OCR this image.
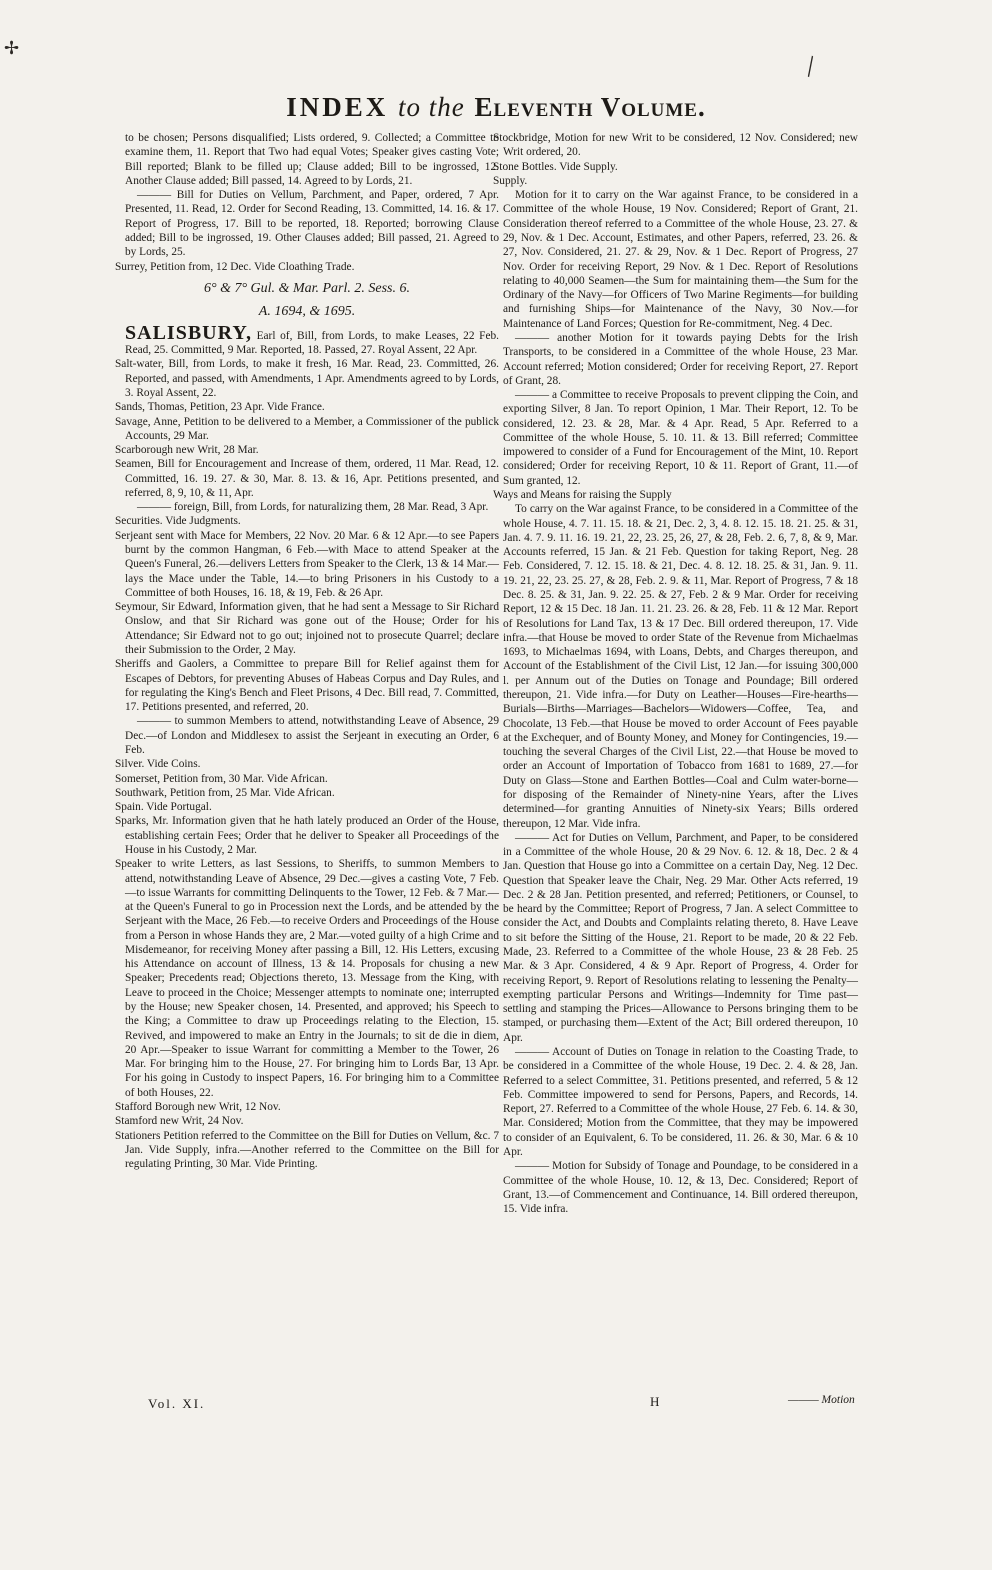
✢
\
INDEX to the Eleventh Volume.

to be chosen; Persons disqualified; Lists ordered, 9. Collected; a Committee to examine them, 11. Report that Two had equal Votes; Speaker gives casting Vote; Bill reported; Blank to be filled up; Clause added; Bill to be ingrossed, 12. Another Clause added; Bill passed, 14. Agreed to by Lords, 21.

——— Bill for Duties on Vellum, Parchment, and Paper, ordered, 7 Apr. Presented, 11. Read, 12. Order for Second Reading, 13. Committed, 14. 16. & 17. Report of Progress, 17. Bill to be reported, 18. Reported; borrowing Clause added; Bill to be ingrossed, 19. Other Clauses added; Bill passed, 21. Agreed to by Lords, 25.

Surrey, Petition from, 12 Dec. Vide Cloathing Trade.

6° & 7° Gul. & Mar. Parl. 2. Sess. 6.
A. 1694, & 1695.

SALISBURY, Earl of, Bill, from Lords, to make Leases, 22 Feb. Read, 25. Committed, 9 Mar. Reported, 18. Passed, 27. Royal Assent, 22 Apr.

Salt-water, Bill, from Lords, to make it fresh, 16 Mar. Read, 23. Committed, 26. Reported, and passed, with Amendments, 1 Apr. Amendments agreed to by Lords, 3. Royal Assent, 22.

Sands, Thomas, Petition, 23 Apr. Vide France.

Savage, Anne, Petition to be delivered to a Member, a Commissioner of the publick Accounts, 29 Mar.

Scarborough new Writ, 28 Mar.

Seamen, Bill for Encouragement and Increase of them, ordered, 11 Mar. Read, 12. Committed, 16. 19. 27. & 30, Mar. 8. 13. & 16, Apr. Petitions presented, and referred, 8, 9, 10, & 11, Apr.

——— foreign, Bill, from Lords, for naturalizing them, 28 Mar. Read, 3 Apr.

Securities. Vide Judgments.

Serjeant sent with Mace for Members, 22 Nov. 20 Mar. 6 & 12 Apr.—to see Papers burnt by the common Hangman, 6 Feb.—with Mace to attend Speaker at the Queen's Funeral, 26.—delivers Letters from Speaker to the Clerk, 13 & 14 Mar.—lays the Mace under the Table, 14.—to bring Prisoners in his Custody to a Committee of both Houses, 16. 18, & 19, Feb. & 26 Apr.

Seymour, Sir Edward, Information given, that he had sent a Message to Sir Richard Onslow, and that Sir Richard was gone out of the House; Order for his Attendance; Sir Edward not to go out; injoined not to prosecute Quarrel; declare their Submission to the Order, 2 May.

Sheriffs and Gaolers, a Committee to prepare Bill for Relief against them for Escapes of Debtors, for preventing Abuses of Habeas Corpus and Day Rules, and for regulating the King's Bench and Fleet Prisons, 4 Dec. Bill read, 7. Committed, 17. Petitions presented, and referred, 20.

——— to summon Members to attend, notwithstanding Leave of Absence, 29 Dec.—of London and Middlesex to assist the Serjeant in executing an Order, 6 Feb.

Silver. Vide Coins.

Somerset, Petition from, 30 Mar. Vide African.

Southwark, Petition from, 25 Mar. Vide African.

Spain. Vide Portugal.

Sparks, Mr. Information given that he hath lately produced an Order of the House, establishing certain Fees; Order that he deliver to Speaker all Proceedings of the House in his Custody, 2 Mar.

Speaker to write Letters, as last Sessions, to Sheriffs, to summon Members to attend, notwithstanding Leave of Absence, 29 Dec.—gives a casting Vote, 7 Feb.—to issue Warrants for committing Delinquents to the Tower, 12 Feb. & 7 Mar.—at the Queen's Funeral to go in Procession next the Lords, and be attended by the Serjeant with the Mace, 26 Feb.—to receive Orders and Proceedings of the House from a Person in whose Hands they are, 2 Mar.—voted guilty of a high Crime and Misdemeanor, for receiving Money after passing a Bill, 12. His Letters, excusing his Attendance on account of Illness, 13 & 14. Proposals for chusing a new Speaker; Precedents read; Objections thereto, 13. Message from the King, with Leave to proceed in the Choice; Messenger attempts to nominate one; interrupted by the House; new Speaker chosen, 14. Presented, and approved; his Speech to the King; a Committee to draw up Proceedings relating to the Election, 15. Revived, and impowered to make an Entry in the Journals; to sit de die in diem, 20 Apr.—Speaker to issue Warrant for committing a Member to the Tower, 26 Mar. For bringing him to the House, 27. For bringing him to Lords Bar, 13 Apr. For his going in Custody to inspect Papers, 16. For bringing him to a Committee of both Houses, 22.

Stafford Borough new Writ, 12 Nov.

Stamford new Writ, 24 Nov.

Stationers Petition referred to the Committee on the Bill for Duties on Vellum, &c. 7 Jan. Vide Supply, infra.—Another referred to the Committee on the Bill for regulating Printing, 30 Mar. Vide Printing.

Stockbridge, Motion for new Writ to be considered, 12 Nov. Considered; new Writ ordered, 20.

Stone Bottles. Vide Supply.

Supply.

Motion for it to carry on the War against France, to be considered in a Committee of the whole House, 19 Nov. Considered; Report of Grant, 21. Consideration thereof referred to a Committee of the whole House, 23. 27. & 29, Nov. & 1 Dec. Account, Estimates, and other Papers, referred, 23. 26. & 27, Nov. Considered, 21. 27. & 29, Nov. & 1 Dec. Report of Progress, 27 Nov. Order for receiving Report, 29 Nov. & 1 Dec. Report of Resolutions relating to 40,000 Seamen—the Sum for maintaining them—the Sum for the Ordinary of the Navy—for Officers of Two Marine Regiments—for building and furnishing Ships—for Maintenance of the Navy, 30 Nov.—for Maintenance of Land Forces; Question for Re-commitment, Neg. 4 Dec.

——— another Motion for it towards paying Debts for the Irish Transports, to be considered in a Committee of the whole House, 23 Mar. Account referred; Motion considered; Order for receiving Report, 27. Report of Grant, 28.

——— a Committee to receive Proposals to prevent clipping the Coin, and exporting Silver, 8 Jan. To report Opinion, 1 Mar. Their Report, 12. To be considered, 12. 23. & 28, Mar. & 4 Apr. Read, 5 Apr. Referred to a Committee of the whole House, 5. 10. 11. & 13. Bill referred; Committee impowered to consider of a Fund for Encouragement of the Mint, 10. Report considered; Order for receiving Report, 10 & 11. Report of Grant, 11.—of Sum granted, 12.

Ways and Means for raising the Supply

To carry on the War against France, to be considered in a Committee of the whole House, 4. 7. 11. 15. 18. & 21, Dec. 2, 3, 4. 8. 12. 15. 18. 21. 25. & 31, Jan. 4. 7. 9. 11. 16. 19. 21, 22, 23. 25, 26, 27, & 28, Feb. 2. 6, 7, 8, & 9, Mar. Accounts referred, 15 Jan. & 21 Feb. Question for taking Report, Neg. 28 Feb. Considered, 7. 12. 15. 18. & 21, Dec. 4. 8. 12. 18. 25. & 31, Jan. 9. 11. 19. 21, 22, 23. 25. 27, & 28, Feb. 2. 9. & 11, Mar. Report of Progress, 7 & 18 Dec. 8. 25. & 31, Jan. 9. 22. 25. & 27, Feb. 2 & 9 Mar. Order for receiving Report, 12 & 15 Dec. 18 Jan. 11. 21. 23. 26. & 28, Feb. 11 & 12 Mar. Report of Resolutions for Land Tax, 13 & 17 Dec. Bill ordered thereupon, 17. Vide infra.—that House be moved to order State of the Revenue from Michaelmas 1693, to Michaelmas 1694, with Loans, Debts, and Charges thereupon, and Account of the Establishment of the Civil List, 12 Jan.—for issuing 300,000 l. per Annum out of the Duties on Tonage and Poundage; Bill ordered thereupon, 21. Vide infra.—for Duty on Leather—Houses—Fire-hearths—Burials—Births—Marriages—Bachelors—Widowers—Coffee, Tea, and Chocolate, 13 Feb.—that House be moved to order Account of Fees payable at the Exchequer, and of Bounty Money, and Money for Contingencies, 19.—touching the several Charges of the Civil List, 22.—that House be moved to order an Account of Importation of Tobacco from 1681 to 1689, 27.—for Duty on Glass—Stone and Earthen Bottles—Coal and Culm water-borne—for disposing of the Remainder of Ninety-nine Years, after the Lives determined—for granting Annuities of Ninety-six Years; Bills ordered thereupon, 12 Mar. Vide infra.

——— Act for Duties on Vellum, Parchment, and Paper, to be considered in a Committee of the whole House, 20 & 29 Nov. 6. 12. & 18, Dec. 2 & 4 Jan. Question that House go into a Committee on a certain Day, Neg. 12 Dec. Question that Speaker leave the Chair, Neg. 29 Mar. Other Acts referred, 19 Dec. 2 & 28 Jan. Petition presented, and referred; Petitioners, or Counsel, to be heard by the Committee; Report of Progress, 7 Jan. A select Committee to consider the Act, and Doubts and Complaints relating thereto, 8. Have Leave to sit before the Sitting of the House, 21. Report to be made, 20 & 22 Feb. Made, 23. Referred to a Committee of the whole House, 23 & 28 Feb. 25 Mar. & 3 Apr. Considered, 4 & 9 Apr. Report of Progress, 4. Order for receiving Report, 9. Report of Resolutions relating to lessening the Penalty—exempting particular Persons and Writings—Indemnity for Time past—settling and stamping the Prices—Allowance to Persons bringing them to be stamped, or purchasing them—Extent of the Act; Bill ordered thereupon, 10 Apr.

——— Account of Duties on Tonage in relation to the Coasting Trade, to be considered in a Committee of the whole House, 19 Dec. 2. 4. & 28, Jan. Referred to a select Committee, 31. Petitions presented, and referred, 5 & 12 Feb. Committee impowered to send for Persons, Papers, and Records, 14. Report, 27. Referred to a Committee of the whole House, 27 Feb. 6. 14. & 30, Mar. Considered; Motion from the Committee, that they may be impowered to consider of an Equivalent, 6. To be considered, 11. 26. & 30, Mar. 6 & 10 Apr.

——— Motion for Subsidy of Tonage and Poundage, to be considered in a Committee of the whole House, 10. 12, & 13, Dec. Considered; Report of Grant, 13.—of Commencement and Continuance, 14. Bill ordered thereupon, 15. Vide infra.

Vol. XI.	H	——— Motion
